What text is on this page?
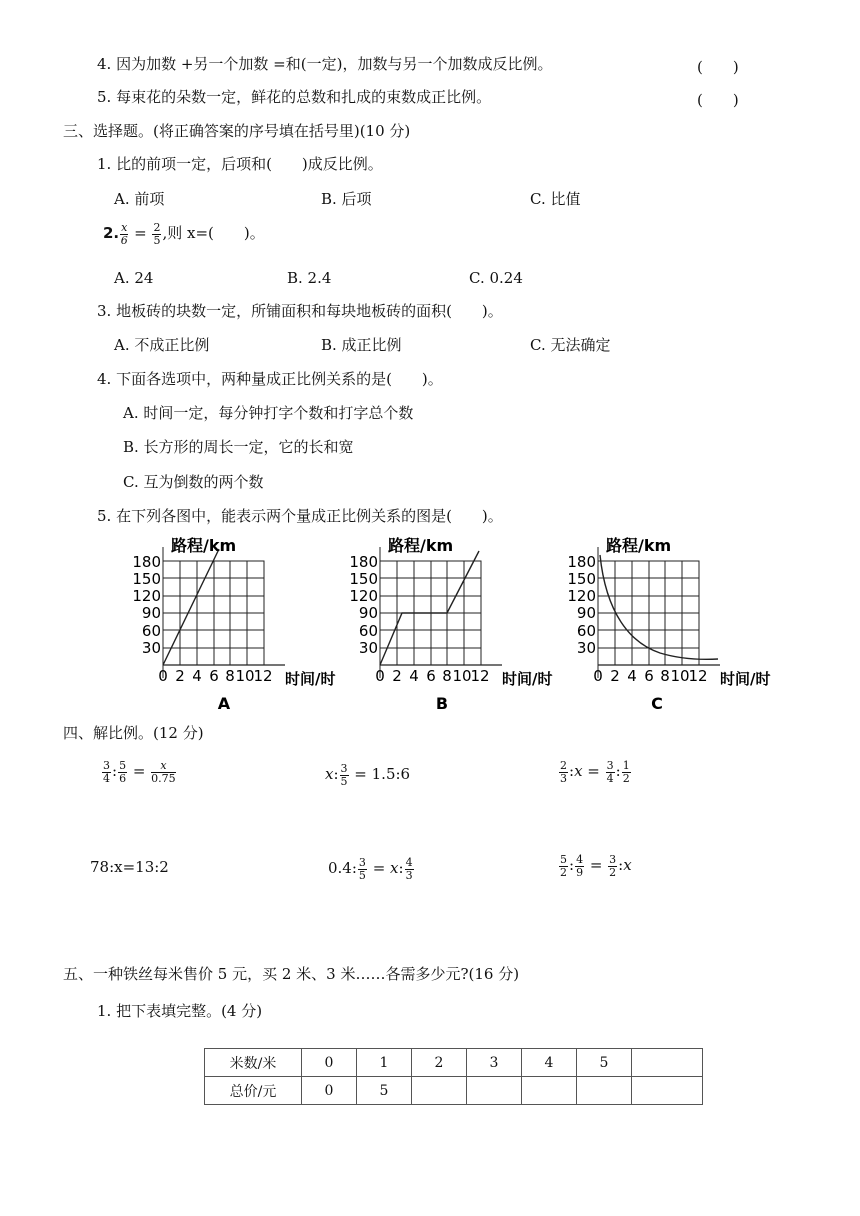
4. 因为加数 +另一个加数 =和(一定)，加数与另一个加数成反比例。	(　　)
5. 每束花的朵数一定，鲜花的总数和扎成的束数成正比例。	(　　)
三、选择题。(将正确答案的序号填在括号里)(10 分)
1. 比的前项一定，后项和(　　)成反比例。
A. 前项	B. 后项	C. 比值
2. $\frac{x}{6} = \frac{2}{5}$ ,则 x=(　　)。
A. 24	B. 2.4	C. 0.24
3. 地板砖的块数一定，所铺面积和每块地板砖的面积(　　)。
A. 不成正比例	B. 成正比例	C. 无法确定
4. 下面各选项中，两种量成正比例关系的是(　　)。
A. 时间一定，每分钟打字个数和打字总个数
B. 长方形的周长一定，它的长和宽
C. 互为倒数的两个数
5. 在下列各图中，能表示两个量成正比例关系的图是(　　)。
路程/km
180
150
120
90
60
30
0 2 4 6 8 10
12 时间/时
A
路程/km
180
150
120
90
60
30
0 2 4 6 8 10
12 时间/时
B
路程/km
180
150
120
90
60
30
0 2 4 6 8 10
12 时间/时
C
四、解比例。(12 分)
$\frac{3}{4}$ : $\frac{5}{6} = \frac{x}{0.75}$	x: $\frac{3}{5}$ = 1.5:6	$\frac{2}{3}$ :x = $\frac{3}{4}$ : $\frac{1}{2}$
78:x=13:2	0.4: $\frac{3}{5} = x$: $\frac{4}{3}$	$\frac{5}{2}$ : $\frac{4}{9} = \frac{3}{2}$ :x
五、一种铁丝每米售价 5 元，买 2 米、3 米……各需多少元?(16 分)
1. 把下表填完整。(4 分)
米数/米	0	1	2	3	4	5	
总价/元	0	5					
